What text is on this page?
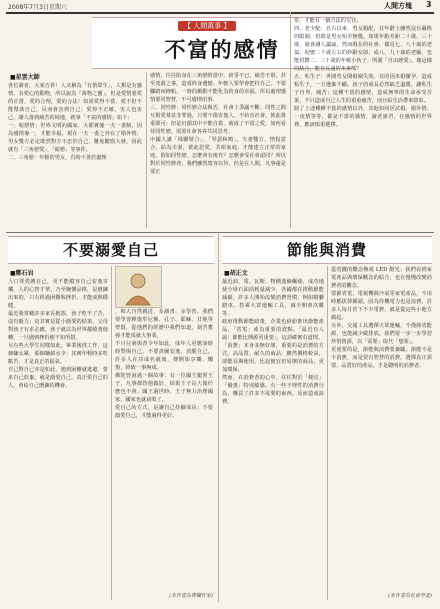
2008年7月3日星期六	人間方塊 3
【 人間萬事 】
不富的感情
■星雲大師
各位讀者，大家吉祥！人又稱為「有情眾生」，人類是有感情、有愛心的動物，所以說為「萬物之靈」。但是愛情要愛的正當，愛的合理，愛的合法！如果愛得不當，愛不但不能幫助自己，反而會害到自己；愛得不正確，害人也害己，讓人落到痛苦的境地。就事「不富的感情」如下：
一、暗戀情：世界文明的國家，大都實施一夫一妻制，因為感情專一，才能幸福。現在一夫一妻之外有了婚外情，男女雙方必定既然對方不忠於自己，難免醋勁大發，因此就有「三角戀愛」、「暗戀」等事件。
二、三角戀：年輕的男女，有時不善於處理
感情，往往陷身在三角戀情當中，紛爭不已，痛苦不堪，甚至兇殺之事，造成終身遺憾。年輕人要學會把持自己，不要腳踏兩條船，一時的衝動不能化為終身的幸福。所以處理感情要用智慧，不可感情用事。
三、同性戀：同性戀合法與否，社會上爭議不斷。同性之間互相愛慕並非罪過，只要不傷害他人、不妨害社會，彼此尊重即可；但是沉溺其中不能自拔，就成了不當之愛。如何看待同性戀，需要社會各界共同思考。
中國人講「珠聯璧合」、「琴瑟和鳴」，夫妻雙方、情投意合，結為夫妻，彼此恩愛，共組家庭，才能建立正常的家庭。假如同性戀，怎麼會有後代？怎麼會受社會認同？所以對於同性戀者，我們雖然寬容以待，但是在人間，凡事還是要正
常，才能有一個合法的交往。
四、老少配：自古以來，男女婚配，在年齡上雖然沒有嚴格的限制，但總是男女相差無幾。如果年齡差距二十歲、三十歲，就會讓人議論，然而現在的社會，偶見七、八十歲的老翁，迎娶二十歲左右的妙齡女郎；或八、九十歲的老嫗，也能招贅二、三十歲的年輕小伙子。所謂「自由戀愛」，像這樣的結合，能有長遠的未來嗎？
五、私生子：世間男女間婚姻失敗，有的因未婚懷孕，造成私生子，一方遺棄不顧，孩子的成長必然缺乏溫暖，讓私生子自卑、痛苦；這種不當的感情，造成無辜的生命承受苦果，不只造成自己人生的重重痛苦，而且給生活帶來陰影。
除了上述種種不當的感情以外，其他如同居試婚、婚外情、一夜情等等，都是不當的感情，讀者諸君，在感情的世界裡，應該慎重選擇。
不要溺愛自己
■鄭石岩
人口要愛護自己，更不能縱容自己安逸享樂。人的心智才華，乃至胸懷品格，是磨鍊出來的，只有經過困難與挫折，才能成熟穩健。
最近我常聽許多家長抱怨，孩子吃不了苦，沒有毅力；這其實是從小溺愛的結果。父母對孩子有求必應，孩子就以為世界都繞著他轉，一旦遇到挫折便不知所措。
另有些大學生同樣如此，畢業後找工作，這個嫌太累，那個嫌薪水少；其實年輕時多吃點苦，才是真正的福氣。
自己對自己亦是如此，遇到困難就逃避、要求自己放棄，就是溺愛自己。真正愛自己的人，會給自己磨鍊的機會。
，和大自然親近，多讀書、多學習。我們要學習釋迦牟尼佛、孔子、耶穌、甘地等聖賢，從他們的經歷中我們知道，刻苦奮發才能成就大事業。
不只兒童與青少年如此，成年人更應該時時警惕自己，不要貪圖安逸、放縱自己。許多人在功成名就後，便開始享樂、懶惰，終致一事無成。
佛陀曾說過一個故事：有一位國王寵愛王子，凡事都替他做好，結果王子長大後什麼也不會。國王過世時，王子無力治理國家，國家也就衰敗了。
愛自己的方式，是讓自己持續成長；不要溺愛自己，才能過得更好。
(本作者為專欄作家)
節能與消費
■胡正文
最近油、電、瓦斯、物價連續飆漲，成功地使全球石油消耗量減少，各國都在推動節能減碳。許多人開始改變消費習慣，例如騎腳踏車、搭乘大眾運輸工具、減少開車次數等。
政府推動節能政策，企業也紛紛推出節能產品，「省電」成為重要的賣點。「最近有人說：節能比開源更重要」，這話確實有道理。
「消費」本身並無好壞，重要的是消費的方式。高品質、耐久的商品，雖然價格較高，卻能長期使用，比起便宜但易壞的商品，更加環保。
然而，在消費者的心中，往往對於「便宜」「優惠」特別敏感。有一些不理性的消費行為，購買了許多不需要的東西，反而造成浪費。
從省錢的概念換成 LED 燈光；我們看到家電產品與環保概念的結合，也在慢慢改變消費者的觀念。
要節省電，電視機與冷氣等家電產品，不用時應拔掉插頭，因為待機電力也是浪費。許多人每月省下不少電費，就是從這些小地方做起。
另外，交通工具選擇大眾運輸，不僅節省能源，也能減少碳排放。我們要一步一步學習珍惜資源，以「需要」取代「想要」。
更重要的是，節能與消費要兼顧。節能不是不消費，而是要有智慧的消費。選擇真正需要、品質好的產品，才是聰明的消費者。
(本作者為社會學者)
